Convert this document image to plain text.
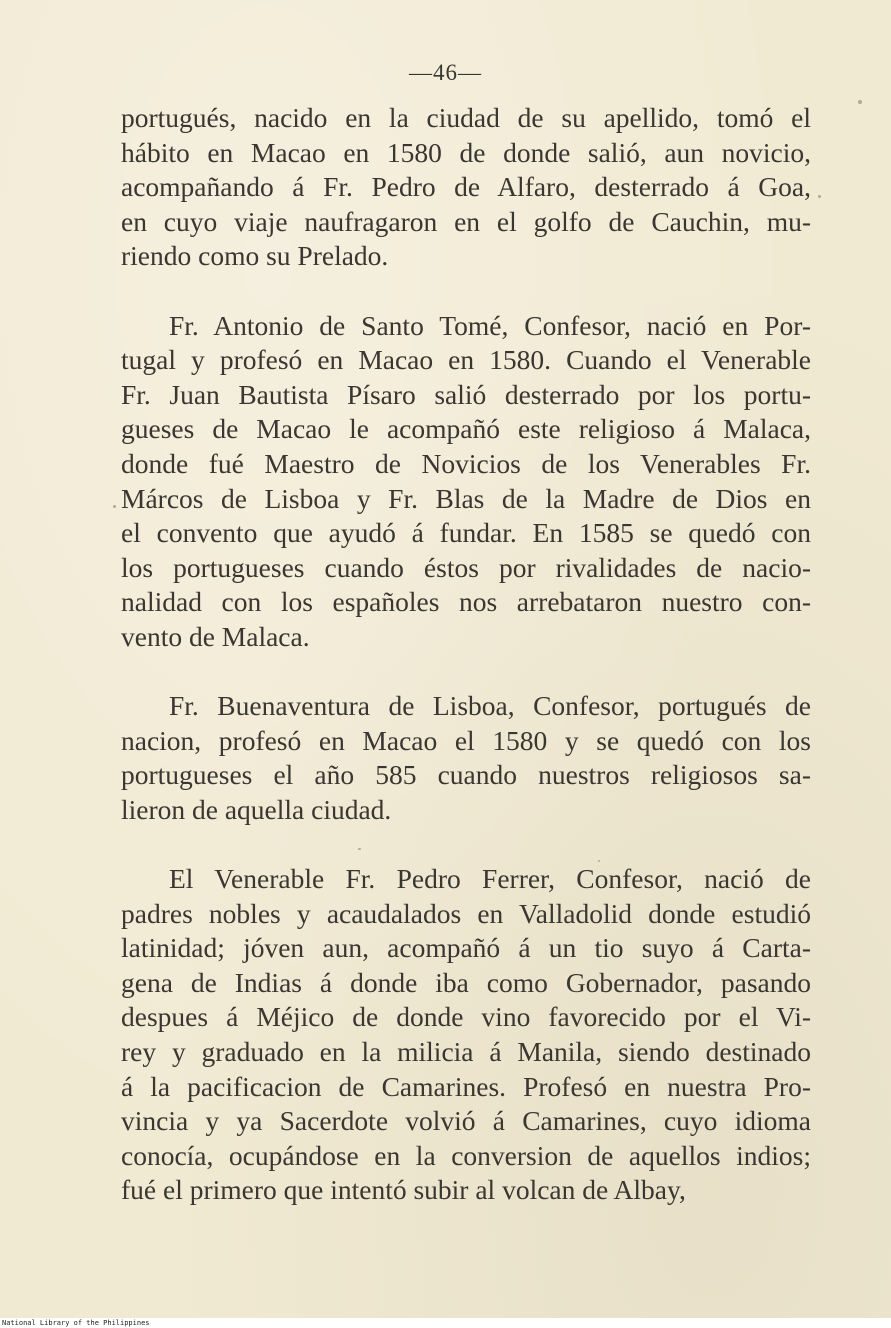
—46—
portugués, nacido en la ciudad de su apellido, tomó el
hábito en Macao en 1580 de donde salió, aun novicio,
acompañando á Fr. Pedro de Alfaro, desterrado á Goa,
en cuyo viaje naufragaron en el golfo de Cauchin, mu-
riendo como su Prelado.
Fr. Antonio de Santo Tomé, Confesor, nació en Por-
tugal y profesó en Macao en 1580. Cuando el Venerable
Fr. Juan Bautista Písaro salió desterrado por los portu-
gueses de Macao le acompañó este religioso á Malaca,
donde fué Maestro de Novicios de los Venerables Fr.
Márcos de Lisboa y Fr. Blas de la Madre de Dios en
el convento que ayudó á fundar. En 1585 se quedó con
los portugueses cuando éstos por rivalidades de nacio-
nalidad con los españoles nos arrebataron nuestro con-
vento de Malaca.
Fr. Buenaventura de Lisboa, Confesor, portugués de
nacion, profesó en Macao el 1580 y se quedó con los
portugueses el año 585 cuando nuestros religiosos sa-
lieron de aquella ciudad.
El Venerable Fr. Pedro Ferrer, Confesor, nació de
padres nobles y acaudalados en Valladolid donde estudió
latinidad; jóven aun, acompañó á un tio suyo á Carta-
gena de Indias á donde iba como Gobernador, pasando
despues á Méjico de donde vino favorecido por el Vi-
rey y graduado en la milicia á Manila, siendo destinado
á la pacificacion de Camarines. Profesó en nuestra Pro-
vincia y ya Sacerdote volvió á Camarines, cuyo idioma
conocía, ocupándose en la conversion de aquellos indios;
fué el primero que intentó subir al volcan de Albay,
National Library of the Philippines
